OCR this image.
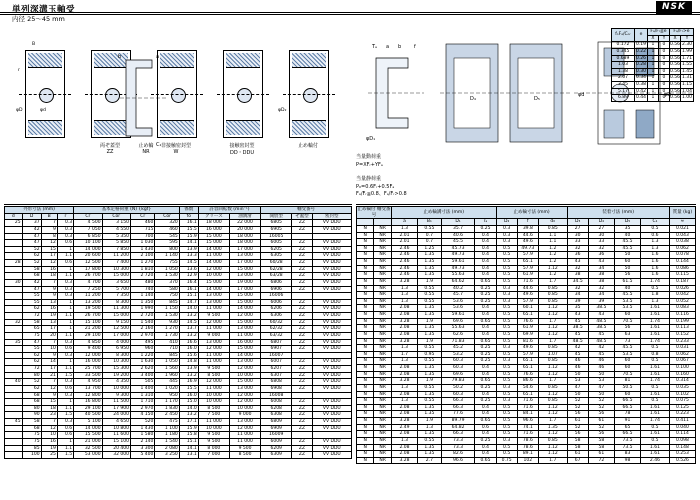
単列深溝玉軸受
内径 25～45 mm
NSK
B
r
φD	φd
両ぞ蓋型
ZZ
非接触密封型
W
接触密封型
DD・DDU
止め輪付
φD₂
a
b
C₁
止め輪
NR
Tₐ a b	f
φD₁
D₄	D₅
φd	φD
当量動荷重
P=XFᵣ+YFₐ
当量静荷重
P₀=0.6Fᵣ+0.5Fₐ
Fₐ/Fᵣ≦0.8、Fₐ/Fᵣ>0.8
fₒFₐ/Cₒᵣ	e	Fₐ/Fᵣ≦e		Fₐ/Fᵣ>e	
		X	Y	X	Y
0.172	0.19	1	0	0.56	2.30
0.345	0.22	1	0	0.56	1.99
0.689	0.26	1	0	0.56	1.71
1.03	0.28	1	0	0.56	1.55
1.38	0.30	1	0	0.56	1.45
2.07	0.34	1	0	0.56	1.31
3.45	0.38	1	0	0.56	1.15
5.17	0.42	1	0	0.56	1.04
6.89	0.44	1	0	0.56	1.00
外形寸法 (mm)				基本定格荷重 (N) {kgf}				係数	許容回転数 (min⁻¹)		軸受番号		
d	D	B	r	Cr	Cor	Cr	Cor	fo	グリース	油潤滑	開放型	ぞ蓋型	密封型
25	37	7	0.3	4 500	3 150	460	320	16.1	18 000	22 000	6805	ZZ	VV DDU
	42	9	0.3	7 050	4 550	715	460	15.5	16 000	20 000	6905	ZZ	VV DDU
	47	8	0.3	6 850	5 350	700	545	15.9	15 000	18 000	16005		
	47	12	0.6	10 100	5 850	1 030	595	14.1	15 000	18 000	6005	ZZ	VV DDU
	52	15	1	14 000	7 850	1 430	800	13.9	14 000	17 000	6205	ZZ	VV DDU
	62	17	1.1	20 600	11 200	2 100	1 140	13.3	11 000	13 000	6305	ZZ	VV DDU
28	52	12	0.6	12 500	7 400	1 270	755	14.5	14 000	17 000	60/28	ZZ	VV DDU
	58	16	1	17 800	10 300	1 810	1 050	13.6	12 000	15 000	62/28	ZZ	VV DDU
	68	18	1.1	26 700	15 000	2 720	1 530	12.9	10 000	13 000	63/28	ZZ	VV DDU
30	42	7	0.3	4 700	3 650	480	370	16.4	15 000	19 000	6806	ZZ	VV DDU
	47	9	0.3	7 250	5 700	740	580	16.1	14 000	17 000	6906	ZZ	VV DDU
	55	9	0.3	11 200	7 350	1 140	750	15.1	13 000	15 000	16006		
	55	13	1	13 200	8 300	1 350	845	14.7	13 000	15 000	6006	ZZ	VV DDU
	62	16	1	19 500	11 300	1 990	1 150	14.0	11 000	14 000	6206	ZZ	VV DDU
	72	19	1.1	26 700	15 000	2 720	1 530	13.2	9 500	12 000	6306	ZZ	VV DDU
32	58	13	1	15 100	9 150	1 540	930	14.5	12 000	15 000	60/32	ZZ	VV DDU
	65	17	1	21 200	12 500	2 160	1 270	13.7	11 000	13 000	62/32	ZZ	VV DDU
	75	20	1.1	29 100	17 000	2 970	1 730	13.2	9 000	11 000	63/32	ZZ	VV DDU
35	47	7	0.3	4 850	4 000	495	410	16.6	13 000	16 000	6807	ZZ	VV DDU
	55	10	0.6	9 400	6 950	960	710	16.0	12 000	15 000	6907	ZZ	VV DDU
	62	9	0.3	12 000	8 300	1 220	845	15.6	11 000	14 000	16007		
	62	14	1	16 000	10 300	1 630	1 050	14.8	11 000	13 000	6007	ZZ	VV DDU
	72	17	1.1	25 700	15 300	2 620	1 560	13.9	9 500	12 000	6207	ZZ	VV DDU
	80	21	1.5	33 500	19 200	3 400	1 960	13.2	8 500	10 000	6307	ZZ	VV DDU
40	52	7	0.3	4 950	4 350	505	445	16.9	12 000	15 000	6808	ZZ	VV DDU
	62	12	0.6	13 700	10 000	1 400	1 020	15.5	11 000	13 000	6908	ZZ	VV DDU
	68	9	0.3	12 800	9 300	1 310	950	16.0	10 000	12 000	16008		
	68	15	1	16 800	11 500	1 710	1 170	15.0	10 000	12 000	6008	ZZ	VV DDU
	80	18	1.1	29 100	17 900	2 970	1 830	14.0	8 500	10 000	6208	ZZ	VV DDU
	90	23	1.5	40 500	24 000	4 150	2 450	13.2	7 500	9 000	6308	ZZ	VV DDU
45	58	7	0.3	5 100	4 650	520	475	17.1	11 000	13 000	6809	ZZ	VV DDU
	68	12	0.6	14 000	10 800	1 430	1 100	15.9	10 000	12 000	6909	ZZ	VV DDU
	75	10	0.6	15 500	11 600	1 580	1 180	15.8	9 500	11 000	16009		
	75	16	1	21 000	15 100	2 140	1 540	15.1	9 500	11 000	6009	ZZ	VV DDU
	85	19	1.1	32 500	20 400	3 300	2 080	14.1	8 000	9 500	6209	ZZ	VV DDU
	100	25	1.5	53 000	32 000	5 400	3 250	13.1	7 000	8 500	6309	ZZ	VV DDU
止め輪付 軸受番号		止め輪溝寸法 (mm)				止め輪寸法 (mm)			装着寸法 (mm)				質量 (kg)
		a	B₁	D₁	rₐ	D₂	f	d₀	D₃	D₄	D₅	C₁	≈
N	NR	1.3	0.55	35.7	0.25	0.3	39.8	0.85	27	27	35	0.5	0.021
N	NR	2.01	0.7	40.6	0.4	0.3	44.6	1.1	30	30	40	0.6	0.043
N	NR	2.01	0.7	45.5	0.4	0.3	49.6	1.1	33	33	45.5	1.3	0.038
N	NR	2.46	1.25	45.73	0.4	0.5	49.73	1.2	32	32	45.5	1.3	0.062
N	NR	2.46	1.35	49.73	0.4	0.5	57.9	1.2	36	36	50	1.6	0.078
N	NR	2.46	1.35	59.61	0.4	0.5	65.1	1.2	43	43	60	1.6	0.144
N	NR	2.46	1.35	49.73	0.4	0.5	57.9	1.12	32	34	50	1.6	0.086
N	NR	2.46	1.35	55.63	0.4	0.5	61.9	1.2	38	38	56	1.6	0.115
N	NR	3.28	1.9	64.62	0.65	0.5	71.6	1.7	34.5	38	61.5	1.74	0.187
N	NR	1.3	0.55	40.2	0.25	0.3	44.6	0.85	32	32	40	0.5	0.026
N	NR	1.3	0.55	45.7	0.25	0.3	49.6	0.85	34	34	45.5	1.8	0.042
N	NR	1.3	0.55	53.6	0.25	0.3	57.9	0.85	39	39	53.5	1.3	0.052
N	NR	2.08	1.35	53.6	0.4	0.5	60.1	1.12	35	38.5	53.5	1.61	0.083
N	NR	2.08	1.35	59.61	0.4	0.5	65.1	1.12	43	43	60	1.61	0.116
N	NR	3.28	1.9	69.6	0.65	0.5	76.6	1.7	45	48.5	70.5	1.74	0.199
N	NR	2.08	1.35	55.63	0.4	0.5	61.9	1.12	38.5	38.5	56	1.61	0.113
N	NR	2.08	1.35	62.6	0.4	0.5	69.9	1.12	45	45	63	1.61	0.152
N	NR	3.28	1.9	71.83	0.65	0.5	81.6	1.7	48.5	48.5	73	1.74	0.233
N	NR	1.3	0.55	45.2	0.25	0.3	49.6	0.85	42	42	45.5	0.5	0.031
N	NR	1.7	0.95	53.2	0.25	0.5	57.9	1.07	45	45	53.5	0.8	0.062
N	NR	1.3	0.55	60.3	0.25	0.3	65.1	0.85	46	46	60	0.5	0.067
N	NR	2.08	1.35	60.3	0.4	0.5	65.1	1.12	46	46	60	1.61	0.100
N	NR	2.08	1.35	69.6	0.4	0.5	76.6	1.12	50	50	70.5	1.61	0.160
N	NR	3.28	1.9	79.83	0.65	0.5	86.6	1.7	53	53	81	1.74	0.314
N	NR	1.3	0.55	50.2	0.25	0.3	54.6	0.85	47	47	50.5	0.5	0.035
N	NR	2.08	1.35	60.3	0.4	0.5	65.1	1.12	50	50	60	1.61	0.102
N	NR	1.3	0.55	66.3	0.25	0.3	71.6	0.85	52	52	66.5	0.5	0.075
N	NR	2.08	1.35	66.3	0.4	0.5	71.6	1.12	52	52	66.5	1.61	0.125
N	NR	2.08	1.35	77.6	0.4	0.5	84.1	1.12	56	56	78	1.61	0.223
N	NR	3.28	1.9	89.79	0.65	0.5	96.6	1.7	61	61	91	1.74	0.411
N	NR	2.49	1.3	64.82	0.6	0.5	74.1	1.35	52	52	65	0.5	0.040
N	NR	2.08	1.35	66.3	0.4	0.5	71.6	1.12	56	56	66.5	1.61	0.114
N	NR	1.3	0.55	73.3	0.25	0.3	78.6	0.85	58	58	73.5	0.5	0.098
N	NR	2.08	1.35	73.3	0.4	0.5	78.6	1.12	58	58	73.5	1.61	0.148
N	NR	2.08	1.35	82.6	0.4	0.5	89.1	1.12	61	61	83	1.61	0.253
N	NR	3.28	2.7	96.6	0.65	0.75	102	1.7	67	72	98	2.46	0.526
